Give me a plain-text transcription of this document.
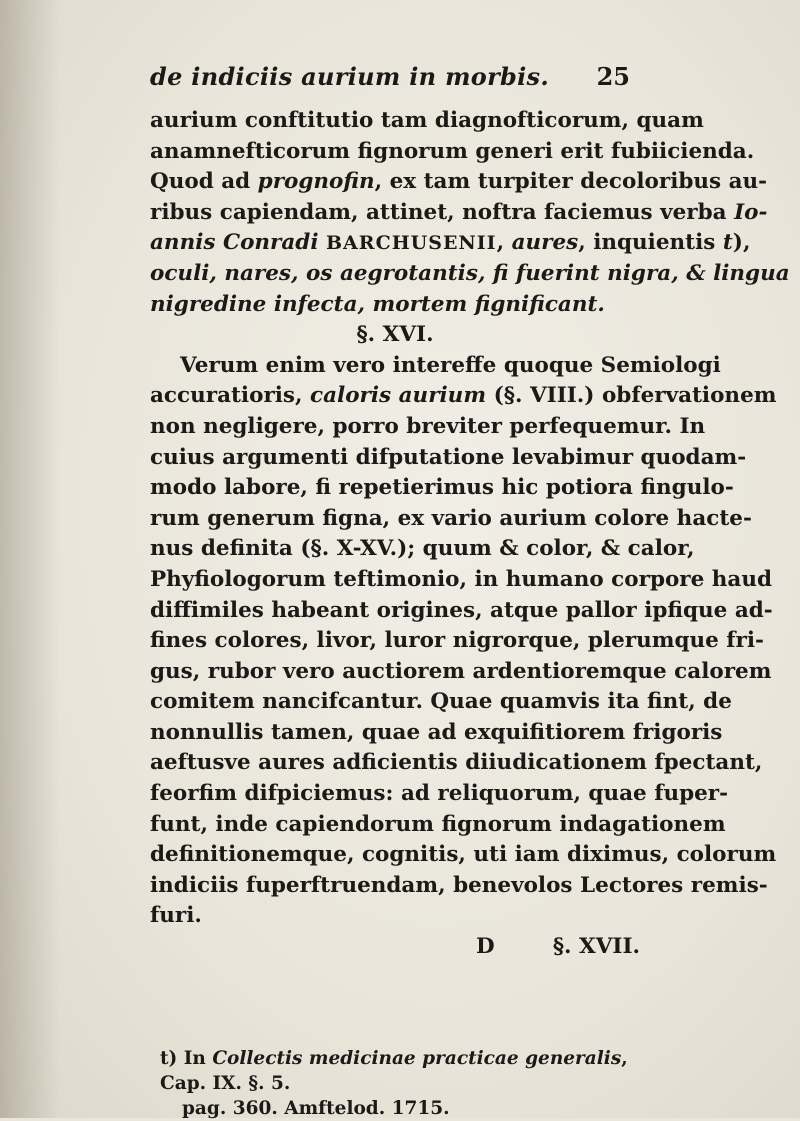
de indiciis aurium in morbis. 25
aurium conftitutio tam diagnofticorum, quam
anamnefticorum fignorum generi erit fubiicienda.
Quod ad prognofin, ex tam turpiter decoloribus au-
ribus capiendam, attinet, noftra faciemus verba Io-
annis Conradi BARCHUSENII, aures, inquientis t),
oculi, nares, os aegrotantis, fi fuerint nigra, & lingua
nigredine infecta, mortem fignificant.
§. XVI.
Verum enim vero intereffe quoque Semiologi
accuratioris, caloris aurium (§. VIII.) obfervationem
non negligere, porro breviter perfequemur. In
cuius argumenti difputatione levabimur quodam-
modo labore, fi repetierimus hic potiora fingulo-
rum generum figna, ex vario aurium colore hacte-
nus definita (§. X-XV.); quum & color, & calor,
Phyfiologorum teftimonio, in humano corpore haud
diffimiles habeant origines, atque pallor ipfique ad-
fines colores, livor, luror nigrorque, plerumque fri-
gus, rubor vero auctiorem ardentioremque calorem
comitem nancifcantur. Quae quamvis ita fint, de
nonnullis tamen, quae ad exquifitiorem frigoris
aeftusve aures adficientis diiudicationem fpectant,
feorfim difpiciemus: ad reliquorum, quae fuper-
funt, inde capiendorum fignorum indagationem
definitionemque, cognitis, uti iam diximus, colorum
indiciis fuperftruendam, benevolos Lectores remis-
furi.
D	§. XVII.
t) In Collectis medicinae practicae generalis, Cap. IX. §. 5.
pag. 360. Amftelod. 1715.
